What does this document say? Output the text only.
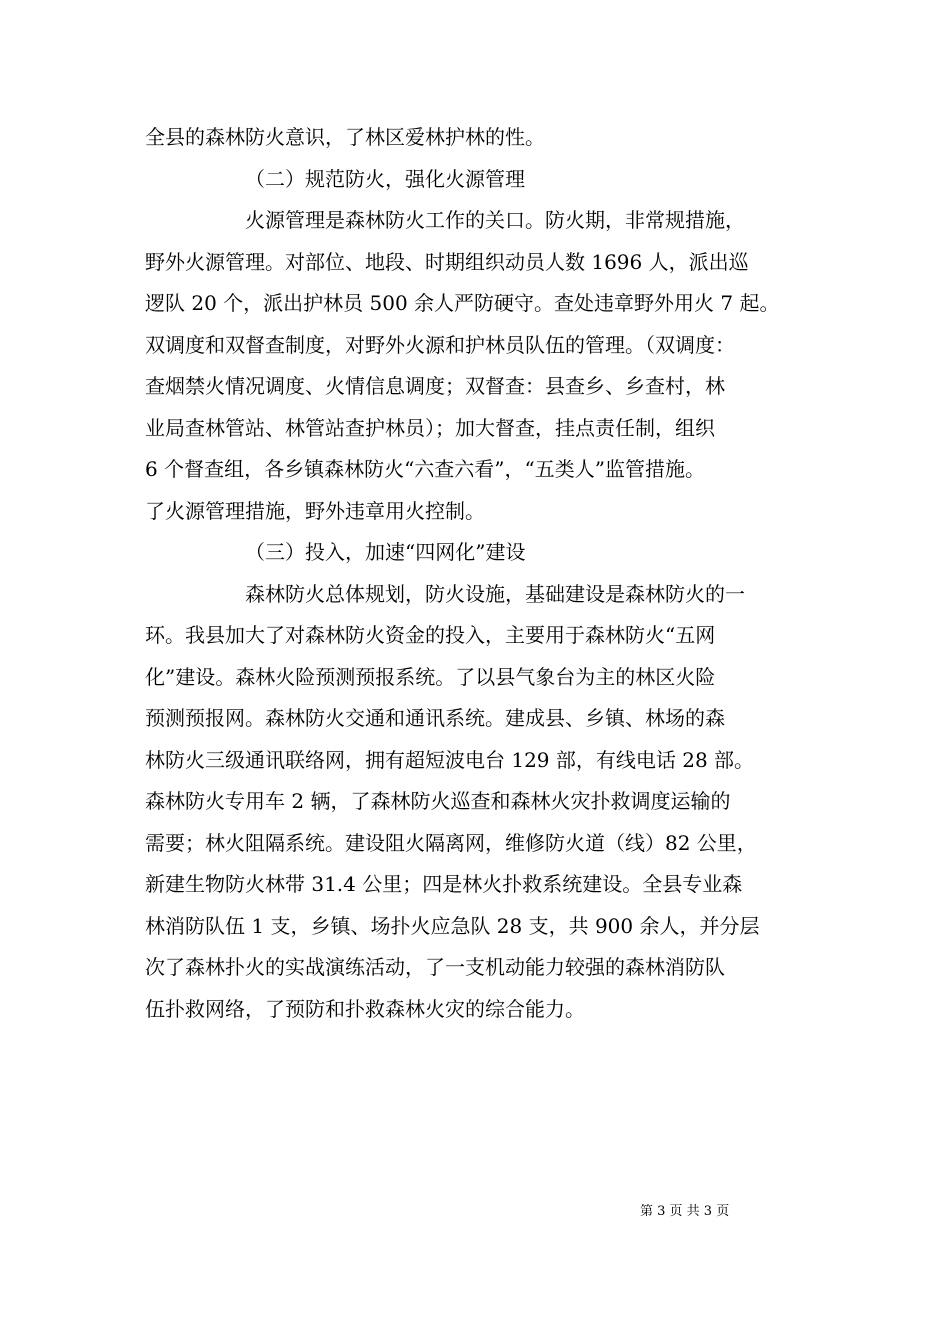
全县的森林防火意识，了林区爱林护林的性。
（二）规范防火，强化火源管理
火源管理是森林防火工作的关口。防火期，非常规措施，
野外火源管理。对部位、地段、时期组织动员人数 1696 人，派出巡
逻队 20 个，派出护林员 500 余人严防硬守。查处违章野外用火 7 起。
双调度和双督查制度，对野外火源和护林员队伍的管理。（双调度：
查烟禁火情况调度、火情信息调度；双督查：县查乡、乡查村，林
业局查林管站、林管站查护林员）；加大督查，挂点责任制，组织
6 个督查组，各乡镇森林防火“六查六看”，“五类人”监管措施。
了火源管理措施，野外违章用火控制。
（三）投入，加速“四网化”建设
森林防火总体规划，防火设施，基础建设是森林防火的一
环。我县加大了对森林防火资金的投入，主要用于森林防火“五网
化”建设。森林火险预测预报系统。了以县气象台为主的林区火险
预测预报网。森林防火交通和通讯系统。建成县、乡镇、林场的森
林防火三级通讯联络网，拥有超短波电台 129 部，有线电话 28 部。
森林防火专用车 2 辆，了森林防火巡查和森林火灾扑救调度运输的
需要；林火阻隔系统。建设阻火隔离网，维修防火道（线）82 公里，
新建生物防火林带 31.4 公里；四是林火扑救系统建设。全县专业森
林消防队伍 1 支，乡镇、场扑火应急队 28 支，共 900 余人，并分层
次了森林扑火的实战演练活动，了一支机动能力较强的森林消防队
伍扑救网络，了预防和扑救森林火灾的综合能力。
第 3 页 共 3 页
